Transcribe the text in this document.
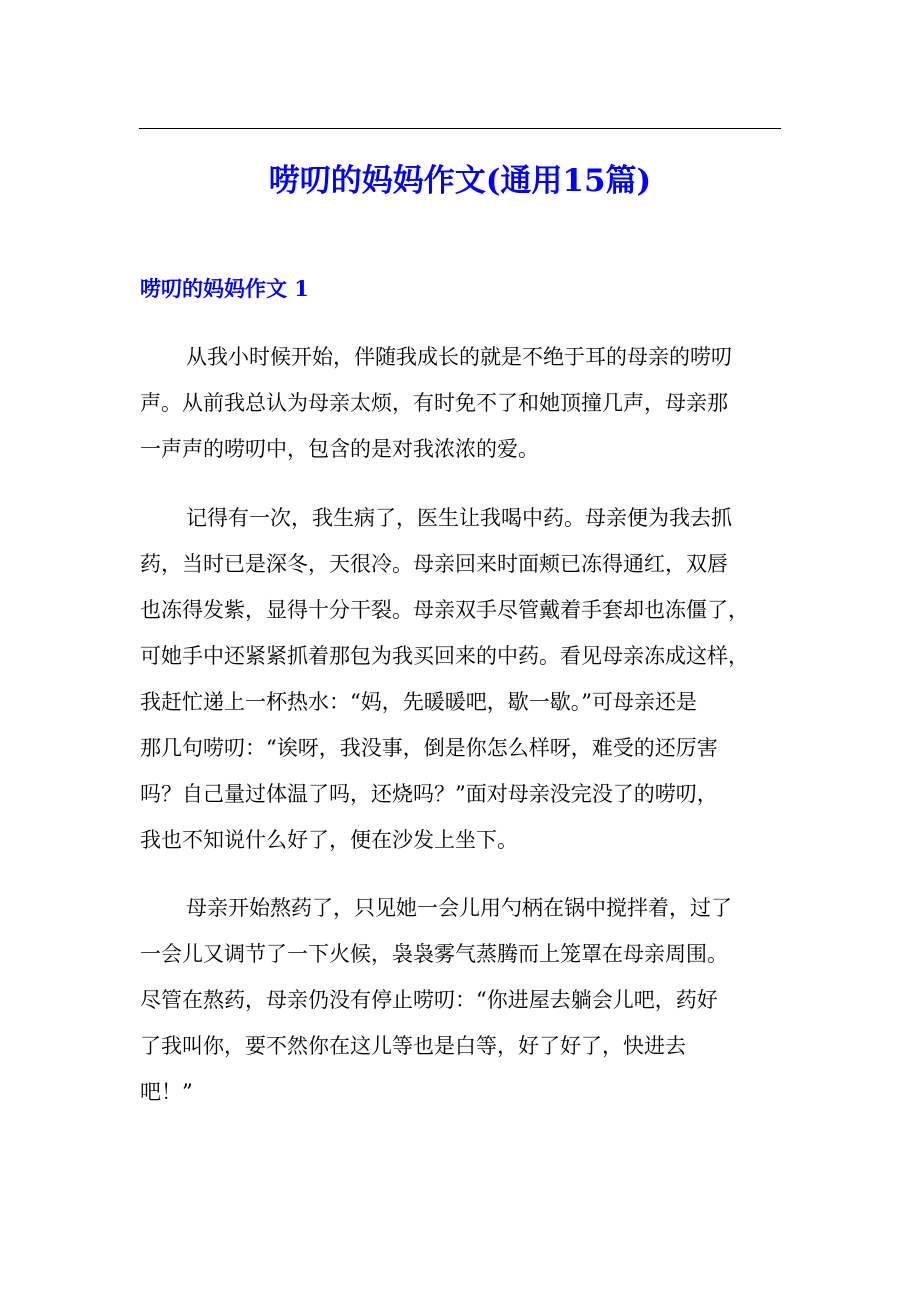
唠叨的妈妈作文(通用15篇)
唠叨的妈妈作文 1
从我小时候开始，伴随我成长的就是不绝于耳的母亲的唠叨
声。从前我总认为母亲太烦，有时免不了和她顶撞几声，母亲那
一声声的唠叨中，包含的是对我浓浓的爱。
记得有一次，我生病了，医生让我喝中药。母亲便为我去抓
药，当时已是深冬，天很冷。母亲回来时面颊已冻得通红，双唇
也冻得发紫，显得十分干裂。母亲双手尽管戴着手套却也冻僵了，
可她手中还紧紧抓着那包为我买回来的中药。看见母亲冻成这样，
我赶忙递上一杯热水：“妈，先暖暖吧，歇一歇。”可母亲还是
那几句唠叨：“诶呀，我没事，倒是你怎么样呀，难受的还厉害
吗？自己量过体温了吗，还烧吗？”面对母亲没完没了的唠叨，
我也不知说什么好了，便在沙发上坐下。
母亲开始熬药了，只见她一会儿用勺柄在锅中搅拌着，过了
一会儿又调节了一下火候，袅袅雾气蒸腾而上笼罩在母亲周围。
尽管在熬药，母亲仍没有停止唠叨：“你进屋去躺会儿吧，药好
了我叫你，要不然你在这儿等也是白等，好了好了，快进去
吧！”
